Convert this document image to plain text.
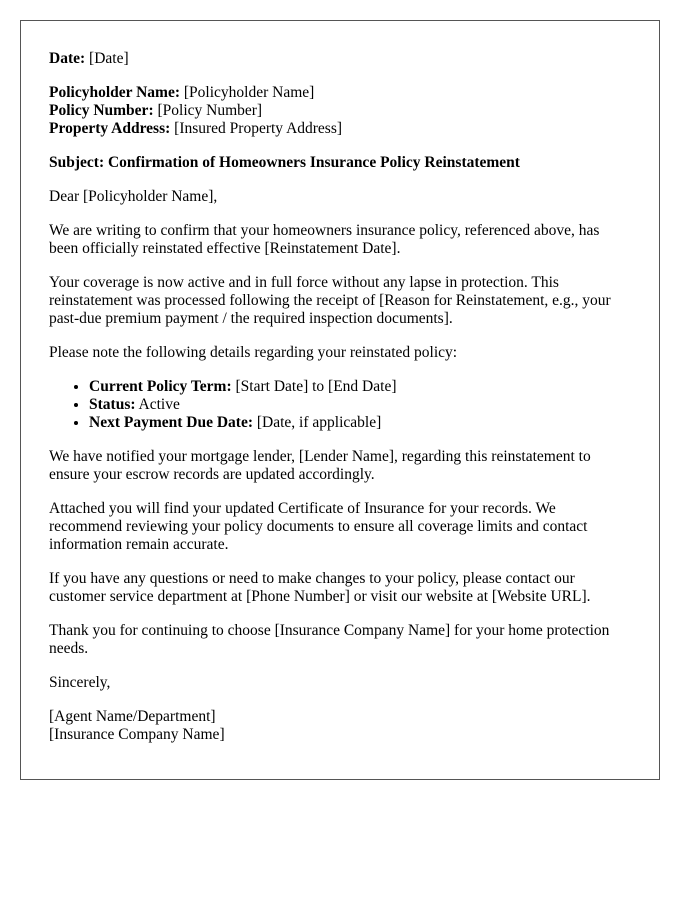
Date: [Date]

Policyholder Name: [Policyholder Name]

Policy Number: [Policy Number]

Property Address: [Insured Property Address]

Subject: Confirmation of Homeowners Insurance Policy Reinstatement

Dear [Policyholder Name],

We are writing to confirm that your homeowners insurance policy, referenced above, has been officially reinstated effective [Reinstatement Date].

Your coverage is now active and in full force without any lapse in protection. This reinstatement was processed following the receipt of [Reason for Reinstatement, e.g., your past-due premium payment / the required inspection documents].

Please note the following details regarding your reinstated policy:

• Current Policy Term: [Start Date] to [End Date]
• Status: Active
• Next Payment Due Date: [Date, if applicable]

We have notified your mortgage lender, [Lender Name], regarding this reinstatement to ensure your escrow records are updated accordingly.

Attached you will find your updated Certificate of Insurance for your records. We recommend reviewing your policy documents to ensure all coverage limits and contact information remain accurate.

If you have any questions or need to make changes to your policy, please contact our customer service department at [Phone Number] or visit our website at [Website URL].

Thank you for continuing to choose [Insurance Company Name] for your home protection needs.

Sincerely,

[Agent Name/Department]

[Insurance Company Name]
